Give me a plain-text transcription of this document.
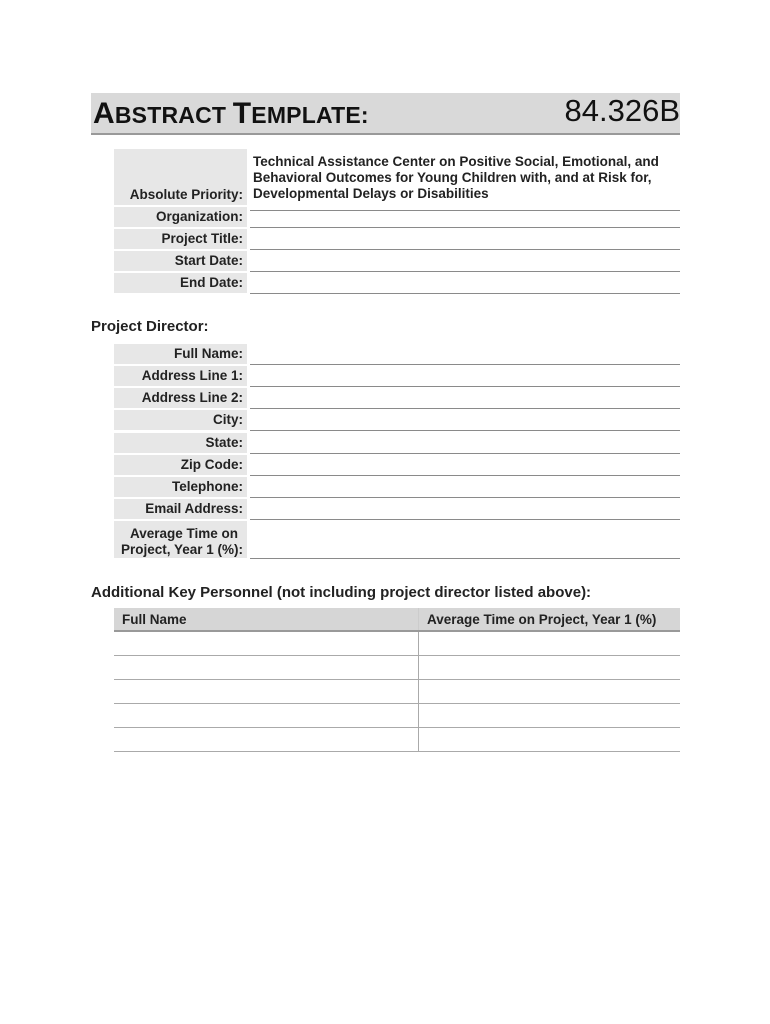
ABSTRACT TEMPLATE:	84.326B
Absolute Priority:
Technical Assistance Center on Positive Social, Emotional, and
Behavioral Outcomes for Young Children with, and at Risk for,
Developmental Delays or Disabilities
Organization:
Project Title:
Start Date:
End Date:
Project Director:
Full Name:
Address Line 1:
Address Line 2:
City:
State:
Zip Code:
Telephone:
Email Address:
Average Time on
Project, Year 1 (%):
Additional Key Personnel (not including project director listed above):
Full Name	Average Time on Project, Year 1 (%)
